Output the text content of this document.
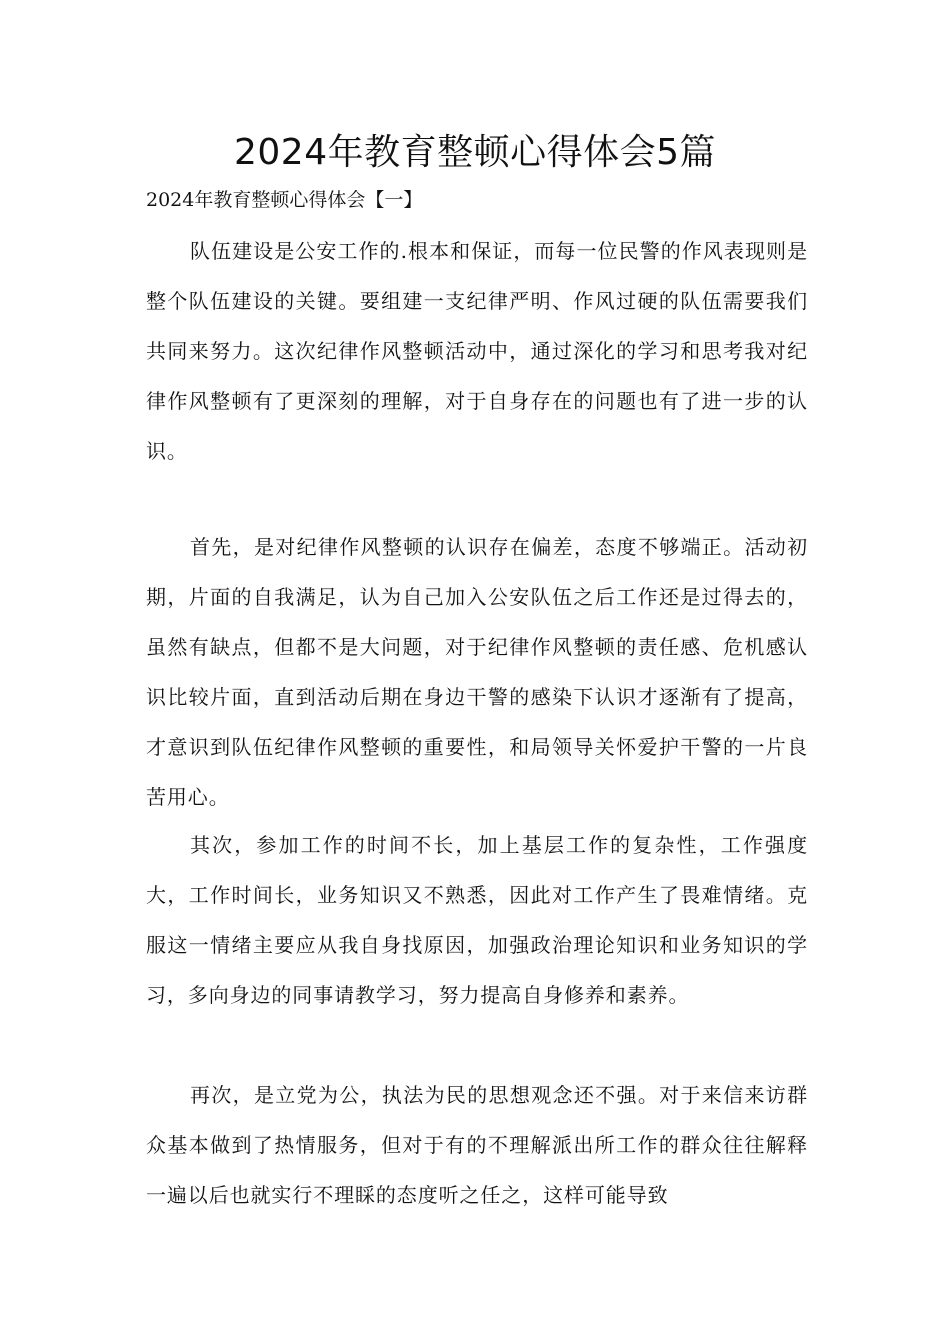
2024年教育整顿心得体会5篇

2024年教育整顿心得体会【一】

队伍建设是公安工作的.根本和保证，而每一位民警的作风表现则是整个队伍建设的关键。要组建一支纪律严明、作风过硬的队伍需要我们共同来努力。这次纪律作风整顿活动中，通过深化的学习和思考我对纪律作风整顿有了更深刻的理解，对于自身存在的问题也有了进一步的认识。

首先，是对纪律作风整顿的认识存在偏差，态度不够端正。活动初期，片面的自我满足，认为自己加入公安队伍之后工作还是过得去的，虽然有缺点，但都不是大问题，对于纪律作风整顿的责任感、危机感认识比较片面，直到活动后期在身边干警的感染下认识才逐渐有了提高，才意识到队伍纪律作风整顿的重要性，和局领导关怀爱护干警的一片良苦用心。

其次，参加工作的时间不长，加上基层工作的复杂性，工作强度大，工作时间长，业务知识又不熟悉，因此对工作产生了畏难情绪。克服这一情绪主要应从我自身找原因，加强政治理论知识和业务知识的学习，多向身边的同事请教学习，努力提高自身修养和素养。

再次，是立党为公，执法为民的思想观念还不强。对于来信来访群众基本做到了热情服务，但对于有的不理解派出所工作的群众往往解释一遍以后也就实行不理睬的态度听之任之，这样可能导致
